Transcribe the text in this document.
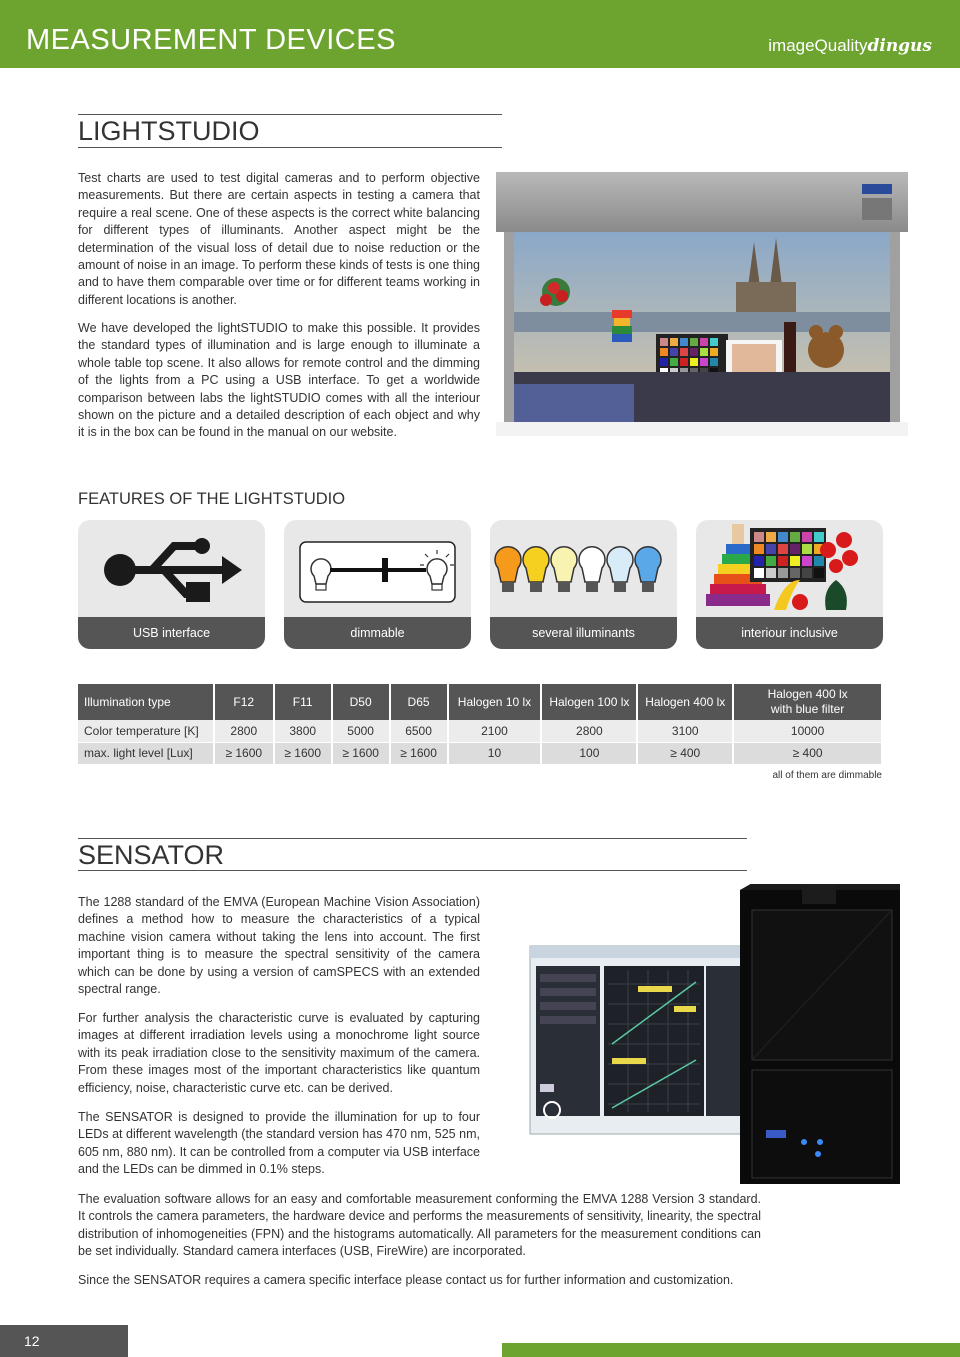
MEASUREMENT DEVICES	imageQualitydingus
LIGHTSTUDIO
Test charts are used to test digital cameras and to perform objective measurements. But there are certain aspects in testing a camera that require a real scene. One of these aspects is the correct white balancing for different types of illuminants. Another aspect might be the determination of the visual loss of detail due to noise reduction or the amount of noise in an image. To perform these kinds of tests is one thing and to have them comparable over time or for different teams working in different locations is another.
We have developed the lightSTUDIO to make this possible. It provides the standard types of illumination and is large enough to illuminate a whole table top scene. It also allows for remote control and the dimming of the lights from a PC using a USB interface. To get a worldwide comparison between labs the lightSTUDIO comes with all the interiour shown on the picture and a detailed description of each object and why it is in the box can be found in the manual on our website.
FEATURES OF THE LIGHTSTUDIO
USB interface	dimmable	several illuminants	interiour inclusive
Illumination type	F12	F11	D50	D65	Halogen 10 lx	Halogen 100 lx	Halogen 400 lx	Halogen 400 lx
with blue filter
Color temperature [K]	2800	3800	5000	6500	2100	2800	3100	10000
max. light level [Lux]	≥ 1600	≥ 1600	≥ 1600	≥ 1600	10	100	≥ 400	≥ 400
all of them are dimmable
SENSATOR
The 1288 standard of the EMVA (European Machine Vision Association) defines a method how to measure the characteristics of a typical machine vision camera without taking the lens into account. The first important thing is to measure the spectral sensitivity of the camera which can be done by using a version of camSPECS with an extended spectral range.
For further analysis the characteristic curve is evaluated by capturing images at different irradiation levels using a monochrome light source with its peak irradiation close to the sensitivity maximum of the camera. From these images most of the important characteristics like quantum efficiency, noise, characteristic curve etc. can be derived.
The SENSATOR is designed to provide the illumination for up to four LEDs at different wavelength (the standard version has 470 nm, 525 nm, 605 nm, 880 nm). It can be controlled from a computer via USB interface and the LEDs can be dimmed in 0.1% steps.
The evaluation software allows for an easy and comfortable measurement conforming the EMVA 1288 Version 3 standard. It controls the camera parameters, the hardware device and performs the measurements of sensitivity, linearity, the spectral distribution of inhomogeneities (FPN) and the histograms automatically. All parameters for the measurement conditions can be set individually. Standard camera interfaces (USB, FireWire) are incorporated.
Since the SENSATOR requires a camera specific interface please contact us for further information and customization.
12
